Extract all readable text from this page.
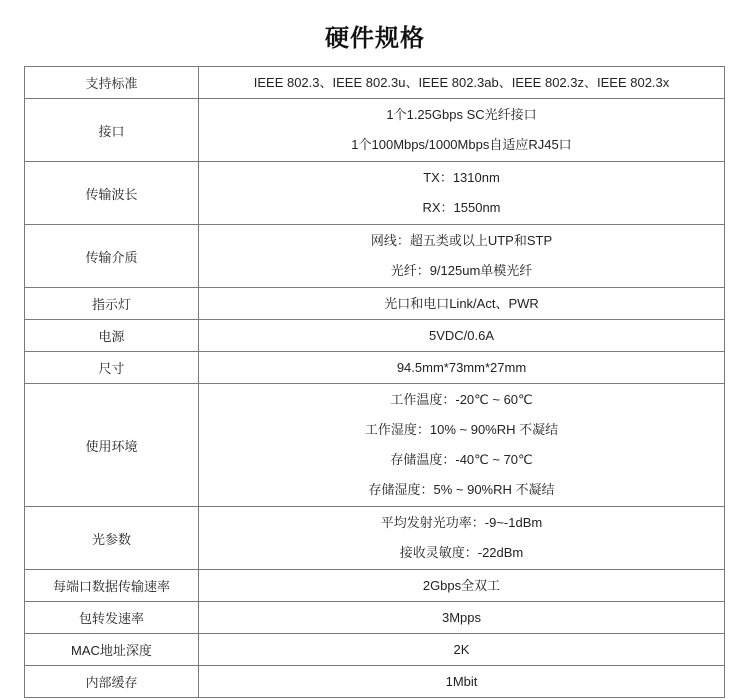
硬件规格
支持标准	IEEE 802.3、IEEE 802.3u、IEEE 802.3ab、IEEE 802.3z、IEEE 802.3x

接口	1个1.25Gbps SC光纤接口
1个100Mbps/1000Mbps自适应RJ45口

传输波长	TX：1310nm
RX：1550nm

传输介质	网线：超五类或以上UTP和STP
光纤：9/125um单模光纤

指示灯	光口和电口Link/Act、PWR

电源	5VDC/0.6A

尺寸	94.5mm*73mm*27mm

使用环境	工作温度：-20℃ ~ 60℃
工作湿度：10% ~ 90%RH 不凝结
存储温度：-40℃ ~ 70℃
存储湿度：5% ~ 90%RH 不凝结

光参数	平均发射光功率：-9~-1dBm
接收灵敏度：-22dBm

每端口数据传输速率	2Gbps全双工

包转发速率	3Mpps

MAC地址深度	2K

内部缓存	1Mbit
